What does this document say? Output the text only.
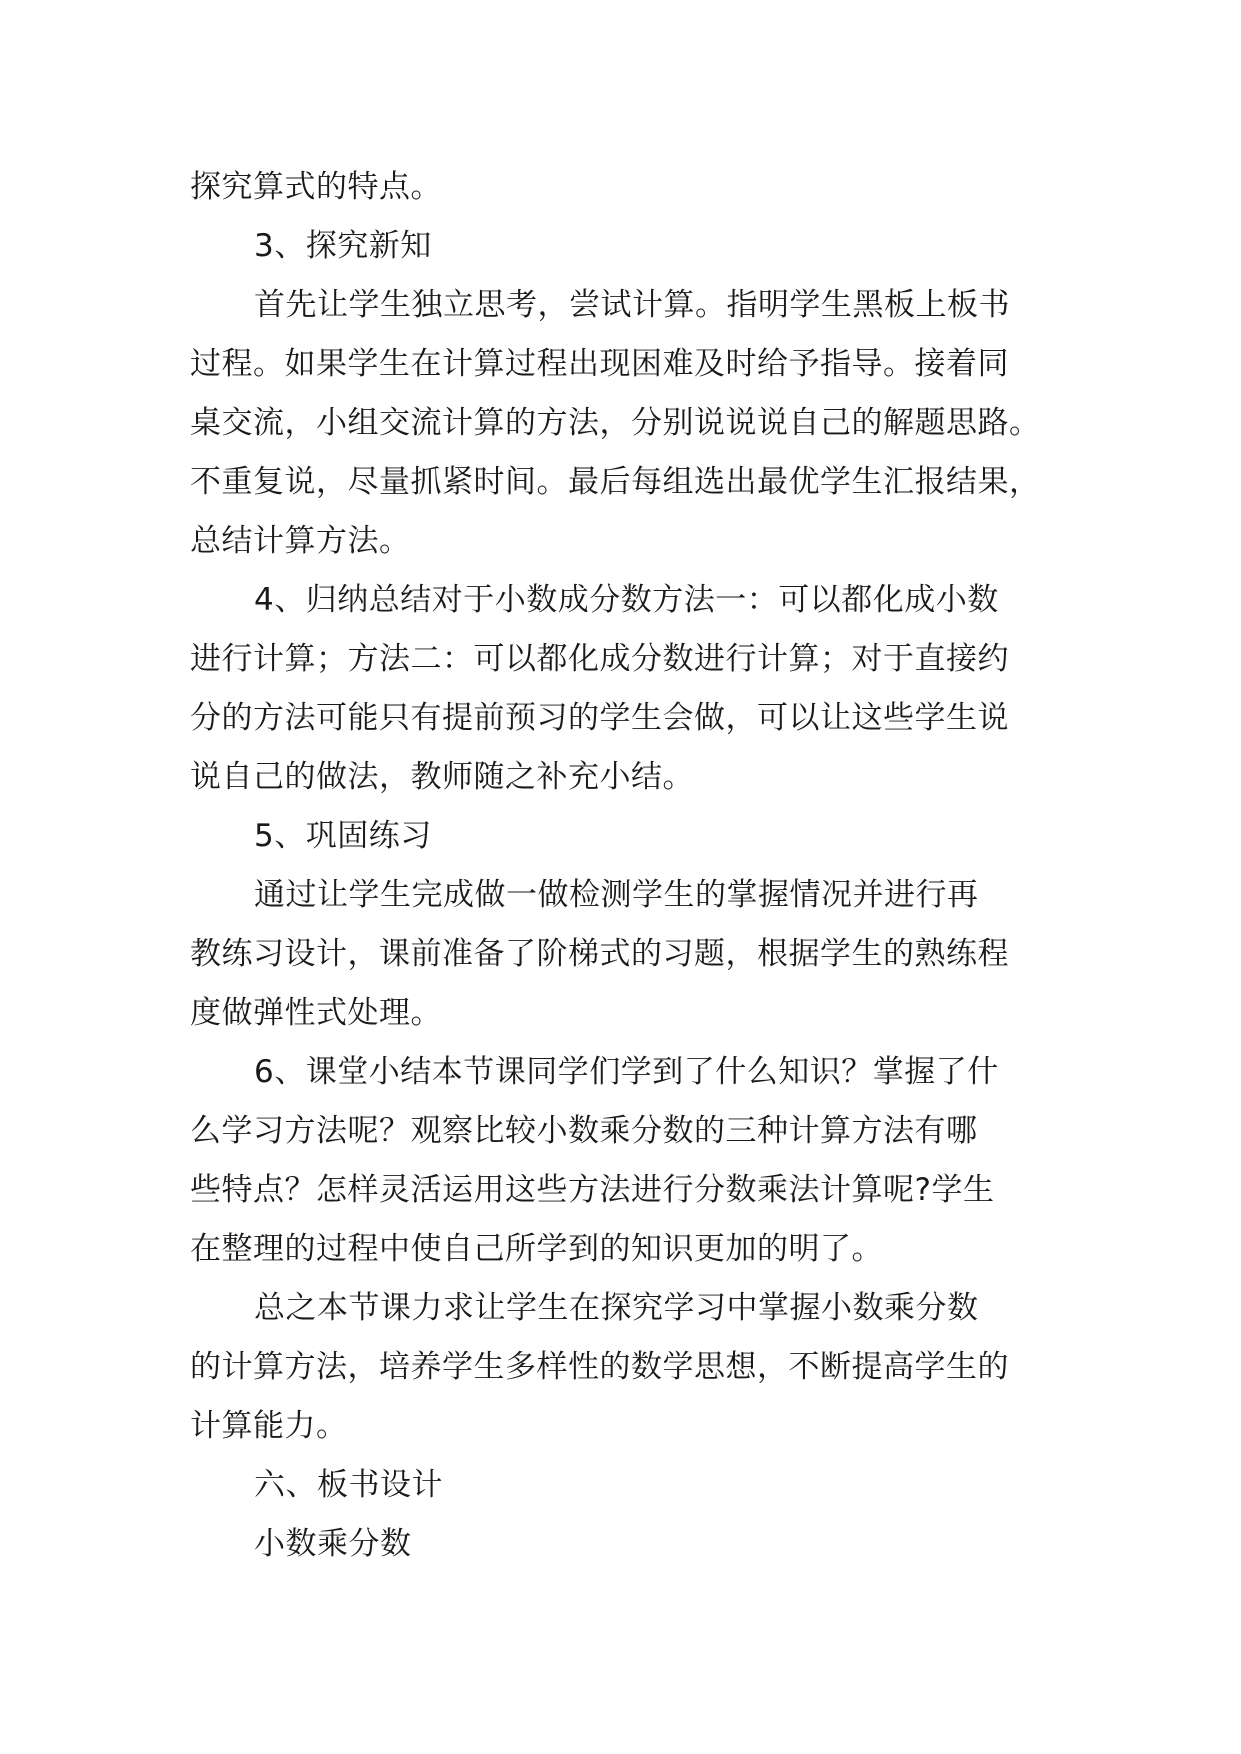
探究算式的特点。
3、探究新知
首先让学生独立思考，尝试计算。指明学生黑板上板书
过程。如果学生在计算过程出现困难及时给予指导。接着同
桌交流，小组交流计算的方法，分别说说说自己的解题思路。
不重复说，尽量抓紧时间。最后每组选出最优学生汇报结果，
总结计算方法。
4、归纳总结对于小数成分数方法一：可以都化成小数
进行计算；方法二：可以都化成分数进行计算；对于直接约
分的方法可能只有提前预习的学生会做，可以让这些学生说
说自己的做法，教师随之补充小结。
5、巩固练习
通过让学生完成做一做检测学生的掌握情况并进行再
教练习设计，课前准备了阶梯式的习题，根据学生的熟练程
度做弹性式处理。
6、课堂小结本节课同学们学到了什么知识？掌握了什
么学习方法呢？观察比较小数乘分数的三种计算方法有哪
些特点？怎样灵活运用这些方法进行分数乘法计算呢?学生
在整理的过程中使自己所学到的知识更加的明了。
总之本节课力求让学生在探究学习中掌握小数乘分数
的计算方法，培养学生多样性的数学思想，不断提高学生的
计算能力。
六、板书设计
小数乘分数
